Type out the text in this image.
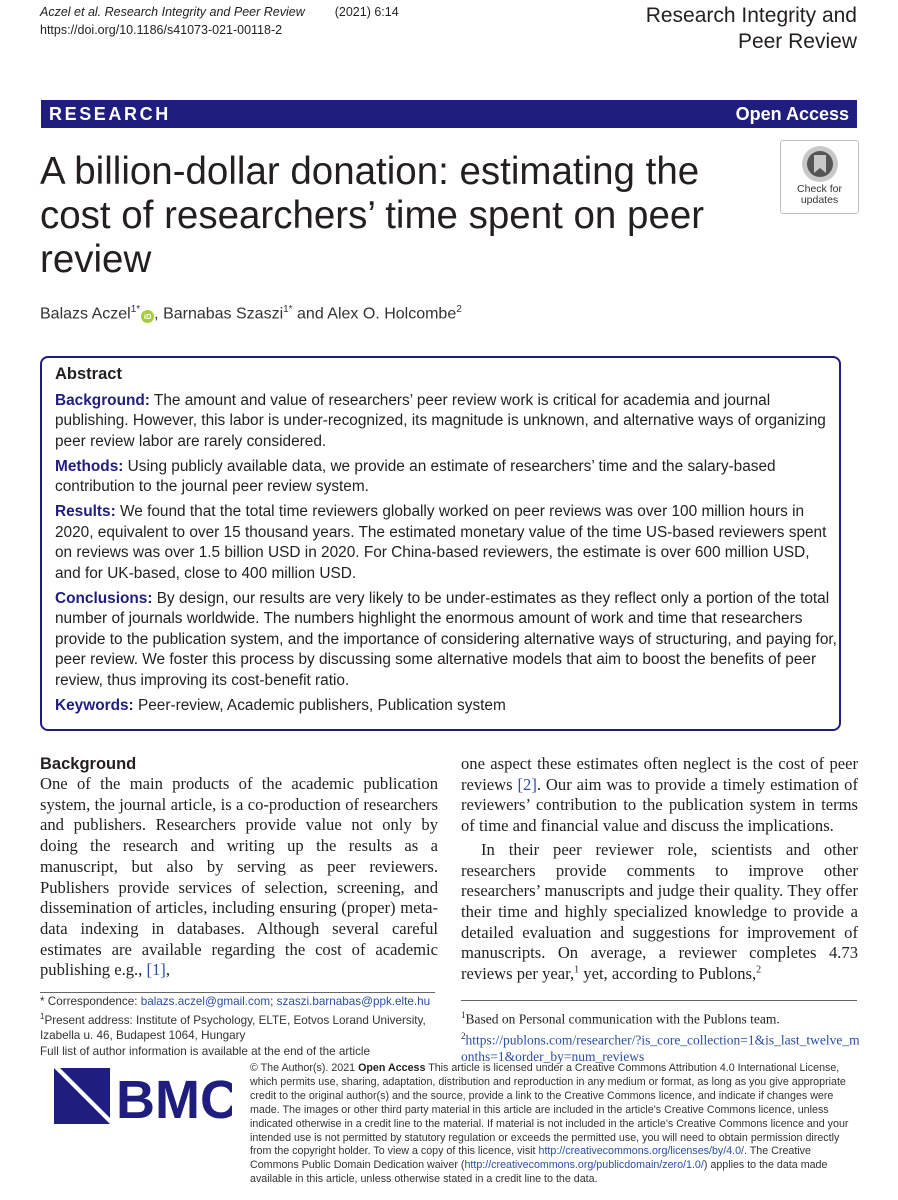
Aczel et al. Research Integrity and Peer Review (2021) 6:14
https://doi.org/10.1186/s41073-021-00118-2
Research Integrity and
Peer Review
RESEARCH	Open Access
A billion-dollar donation: estimating the cost of researchers’ time spent on peer review
Check for
updates
Balazs Aczel$^{1*}$iD , Barnabas Szaszi$^{1*}$ and Alex O. Holcombe$^2$
Abstract

Background: The amount and value of researchers’ peer review work is critical for academia and journal publishing. However, this labor is under-recognized, its magnitude is unknown, and alternative ways of organizing peer review labor are rarely considered.

Methods: Using publicly available data, we provide an estimate of researchers’ time and the salary-based contribution to the journal peer review system.

Results: We found that the total time reviewers globally worked on peer reviews was over 100 million hours in 2020, equivalent to over 15 thousand years. The estimated monetary value of the time US-based reviewers spent on reviews was over 1.5 billion USD in 2020. For China-based reviewers, the estimate is over 600 million USD, and for UK-based, close to 400 million USD.

Conclusions: By design, our results are very likely to be under-estimates as they reflect only a portion of the total number of journals worldwide. The numbers highlight the enormous amount of work and time that researchers provide to the publication system, and the importance of considering alternative ways of structuring, and paying for, peer review. We foster this process by discussing some alternative models that aim to boost the benefits of peer review, thus improving its cost-benefit ratio.

Keywords: Peer-review, Academic publishers, Publication system

Background

One of the main products of the academic publication system, the journal article, is a co-production of researchers and publishers. Researchers provide value not only by doing the research and writing up the results as a manuscript, but also by serving as peer reviewers. Publishers provide services of selection, screening, and dissemination of articles, including ensuring (proper) meta-data indexing in databases. Although several careful estimates are available regarding the cost of academic publishing e.g., [1],

one aspect these estimates often neglect is the cost of peer reviews [2]. Our aim was to provide a timely estimation of reviewers’ contribution to the publication system in terms of time and financial value and discuss the implications.

In their peer reviewer role, scientists and other researchers provide comments to improve other researchers’ manuscripts and judge their quality. They offer their time and highly specialized knowledge to provide a detailed evaluation and suggestions for improvement of manuscripts. On average, a reviewer completes 4.73 reviews per year,$^1$ yet, according to Publons,$^2$

* Correspondence: balazs.aczel@gmail.com; szaszi.barnabas@ppk.elte.hu
$^1$Present address: Institute of Psychology, ELTE, Eotvos Lorand University, Izabella u. 46, Budapest 1064, Hungary
Full list of author information is available at the end of the article
$^1$Based on Personal communication with the Publons team.
$^2$https://publons.com/researcher/?is_core_collection=1&is_last_twelve_months=1&order_by=num_reviews
BMC
© The Author(s). 2021 Open Access This article is licensed under a Creative Commons Attribution 4.0 International License, which permits use, sharing, adaptation, distribution and reproduction in any medium or format, as long as you give appropriate credit to the original author(s) and the source, provide a link to the Creative Commons licence, and indicate if changes were made. The images or other third party material in this article are included in the article's Creative Commons licence, unless indicated otherwise in a credit line to the material. If material is not included in the article's Creative Commons licence and your intended use is not permitted by statutory regulation or exceeds the permitted use, you will need to obtain permission directly from the copyright holder. To view a copy of this licence, visit http://creativecommons.org/licenses/by/4.0/. The Creative Commons Public Domain Dedication waiver (http://creativecommons.org/publicdomain/zero/1.0/) applies to the data made available in this article, unless otherwise stated in a credit line to the data.
